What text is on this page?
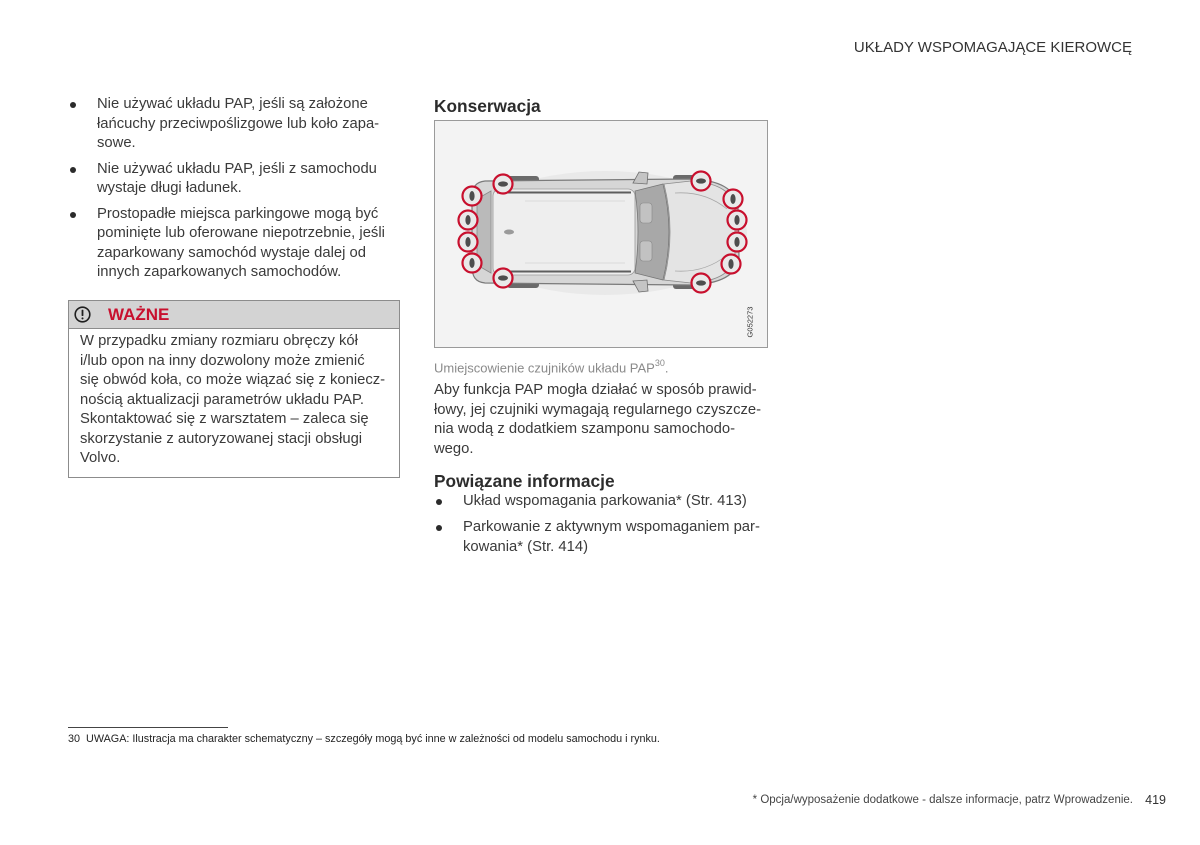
UKŁADY WSPOMAGAJĄCE KIEROWCĘ
Nie używać układu PAP, jeśli są założone
łańcuchy przeciwpoślizgowe lub koło zapa-
sowe.
Nie używać układu PAP, jeśli z samochodu
wystaje długi ładunek.
Prostopadłe miejsca parkingowe mogą być
pominięte lub oferowane niepotrzebnie, jeśli
zaparkowany samochód wystaje dalej od
innych zaparkowanych samochodów.
WAŻNE
W przypadku zmiany rozmiaru obręczy kół
i/lub opon na inny dozwolony może zmienić
się obwód koła, co może wiązać się z koniecz-
nością aktualizacji parametrów układu PAP.
Skontaktować się z warsztatem – zaleca się
skorzystanie z autoryzowanej stacji obsługi
Volvo.
Konserwacja
G052273
Umiejscowienie czujników układu PAP$^{30}$.
Aby funkcja PAP mogła działać w sposób prawid-
łowy, jej czujniki wymagają regularnego czyszcze-
nia wodą z dodatkiem szamponu samochodo-
wego.
Powiązane informacje
Układ wspomagania parkowania* (Str. 413)
Parkowanie z aktywnym wspomaganiem par-
kowania* (Str. 414)
30 UWAGA: Ilustracja ma charakter schematyczny – szczegóły mogą być inne w zależności od modelu samochodu i rynku.
* Opcja/wyposażenie dodatkowe - dalsze informacje, patrz Wprowadzenie. 419
